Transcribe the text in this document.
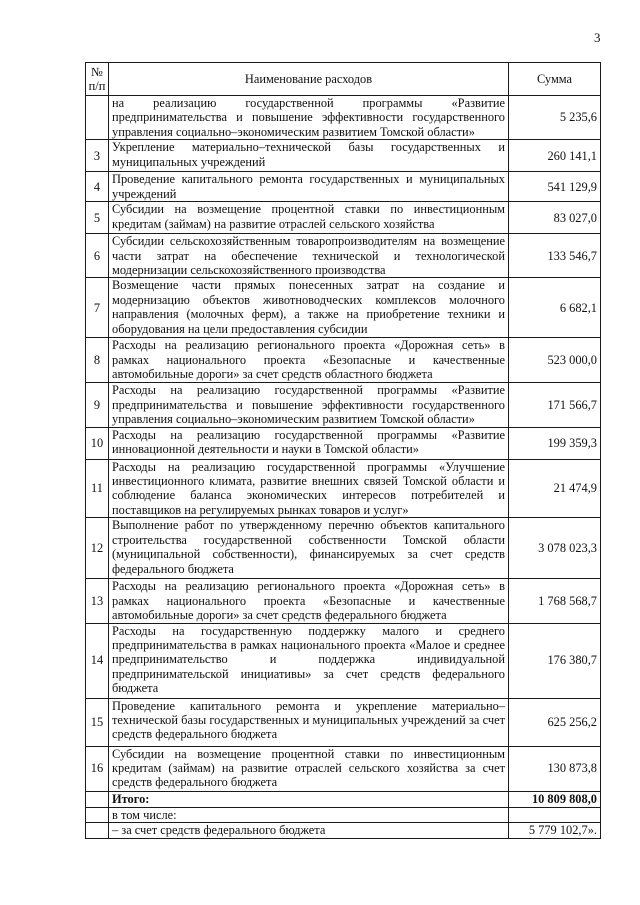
3
№
п/п	Наименование расходов	Сумма
	на реализацию государственной программы «Развитие предпринимательства и повышение эффективности государственного управления социально–экономическим развитием Томской области»	5 235,6
3	Укрепление материально–технической базы государственных и муниципальных учреждений	260 141,1
4	Проведение капитального ремонта государственных и муниципальных учреждений	541 129,9
5	Субсидии на возмещение процентной ставки по инвестиционным кредитам (займам) на развитие отраслей сельского хозяйства	83 027,0
6	Субсидии сельскохозяйственным товаропроизводителям на возмещение части затрат на обеспечение технической и технологической модернизации сельскохозяйственного производства	133 546,7
7	Возмещение части прямых понесенных затрат на создание и модернизацию объектов животноводческих комплексов молочного направления (молочных ферм), а также на приобретение техники и оборудования на цели предоставления субсидии	6 682,1
8	Расходы на реализацию регионального проекта «Дорожная сеть» в рамках национального проекта «Безопасные и качественные автомобильные дороги» за счет средств областного бюджета	523 000,0
9	Расходы на реализацию государственной программы «Развитие предпринимательства и повышение эффективности государственного управления социально–экономическим развитием Томской области»	171 566,7
10	Расходы на реализацию государственной программы «Развитие инновационной деятельности и науки в Томской области»	199 359,3
11	Расходы на реализацию государственной программы «Улучшение инвестиционного климата, развитие внешних связей Томской области и соблюдение баланса экономических интересов потребителей и поставщиков на регулируемых рынках товаров и услуг»	21 474,9
12	Выполнение работ по утвержденному перечню объектов капитального строительства государственной собственности Томской области (муниципальной собственности), финансируемых за счет средств федерального бюджета	3 078 023,3
13	Расходы на реализацию регионального проекта «Дорожная сеть» в рамках национального проекта «Безопасные и качественные автомобильные дороги» за счет средств федерального бюджета	1 768 568,7
14	Расходы на государственную поддержку малого и среднего предпринимательства в рамках национального проекта «Малое и среднее предпринимательство и поддержка индивидуальной предпринимательской инициативы» за счет средств федерального бюджета	176 380,7
15	Проведение капитального ремонта и укрепление материально–технической базы государственных и муниципальных учреждений за счет средств федерального бюджета	625 256,2
16	Субсидии на возмещение процентной ставки по инвестиционным кредитам (займам) на развитие отраслей сельского хозяйства за счет средств федерального бюджета	130 873,8
	Итого:	10 809 808,0
	в том числе:	
	– за счет средств федерального бюджета	5 779 102,7».
